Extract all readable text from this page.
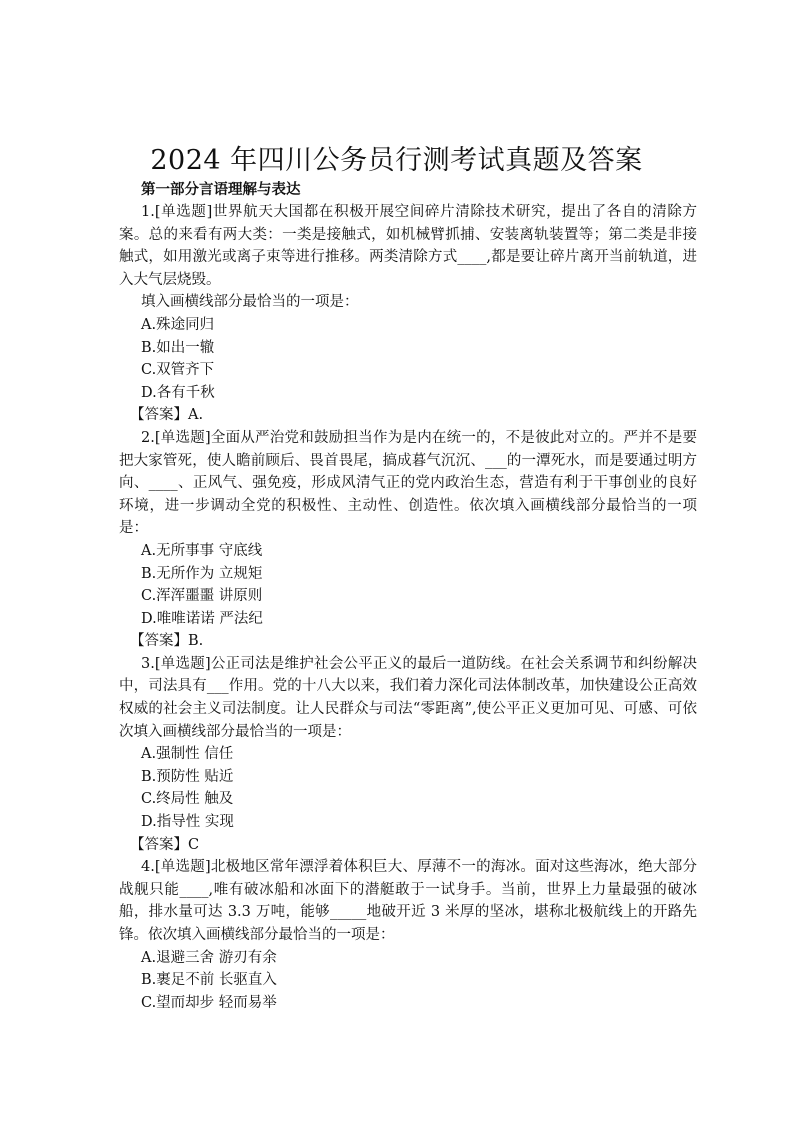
2024 年四川公务员行测考试真题及答案
第一部分言语理解与表达

1.[单选题]世界航天大国都在积极开展空间碎片清除技术研究，提出了各自的清除方案。总的来看有两大类：一类是接触式，如机械臂抓捕、安装离轨装置等；第二类是非接触式，如用激光或离子束等进行推移。两类清除方式____,都是要让碎片离开当前轨道，进入大气层烧毁。

填入画横线部分最恰当的一项是：

A.殊途同归

B.如出一辙

C.双管齐下

D.各有千秋

【答案】A.

2.[单选题]全面从严治党和鼓励担当作为是内在统一的，不是彼此对立的。严并不是要把大家管死，使人瞻前顾后、畏首畏尾，搞成暮气沉沉、___的一潭死水，而是要通过明方向、____、正风气、强免疫，形成风清气正的党内政治生态，营造有利于干事创业的良好环境，进一步调动全党的积极性、主动性、创造性。依次填入画横线部分最恰当的一项是：

A.无所事事 守底线

B.无所作为 立规矩

C.浑浑噩噩 讲原则

D.唯唯诺诺 严法纪

【答案】B.

3.[单选题]公正司法是维护社会公平正义的最后一道防线。在社会关系调节和纠纷解决中，司法具有___作用。党的十八大以来，我们着力深化司法体制改革，加快建设公正高效权威的社会主义司法制度。让人民群众与司法“零距离”,使公平正义更加可见、可感、可依次填入画横线部分最恰当的一项是：

A.强制性 信任

B.预防性 贴近

C.终局性 触及

D.指导性 实现

【答案】C

4.[单选题]北极地区常年漂浮着体积巨大、厚薄不一的海冰。面对这些海冰，绝大部分战舰只能____,唯有破冰船和冰面下的潜艇敢于一试身手。当前，世界上力量最强的破冰船，排水量可达 3.3 万吨，能够_____地破开近 3 米厚的坚冰，堪称北极航线上的开路先锋。依次填入画横线部分最恰当的一项是：

A.退避三舍 游刃有余

B.裹足不前 长驱直入

C.望而却步 轻而易举
